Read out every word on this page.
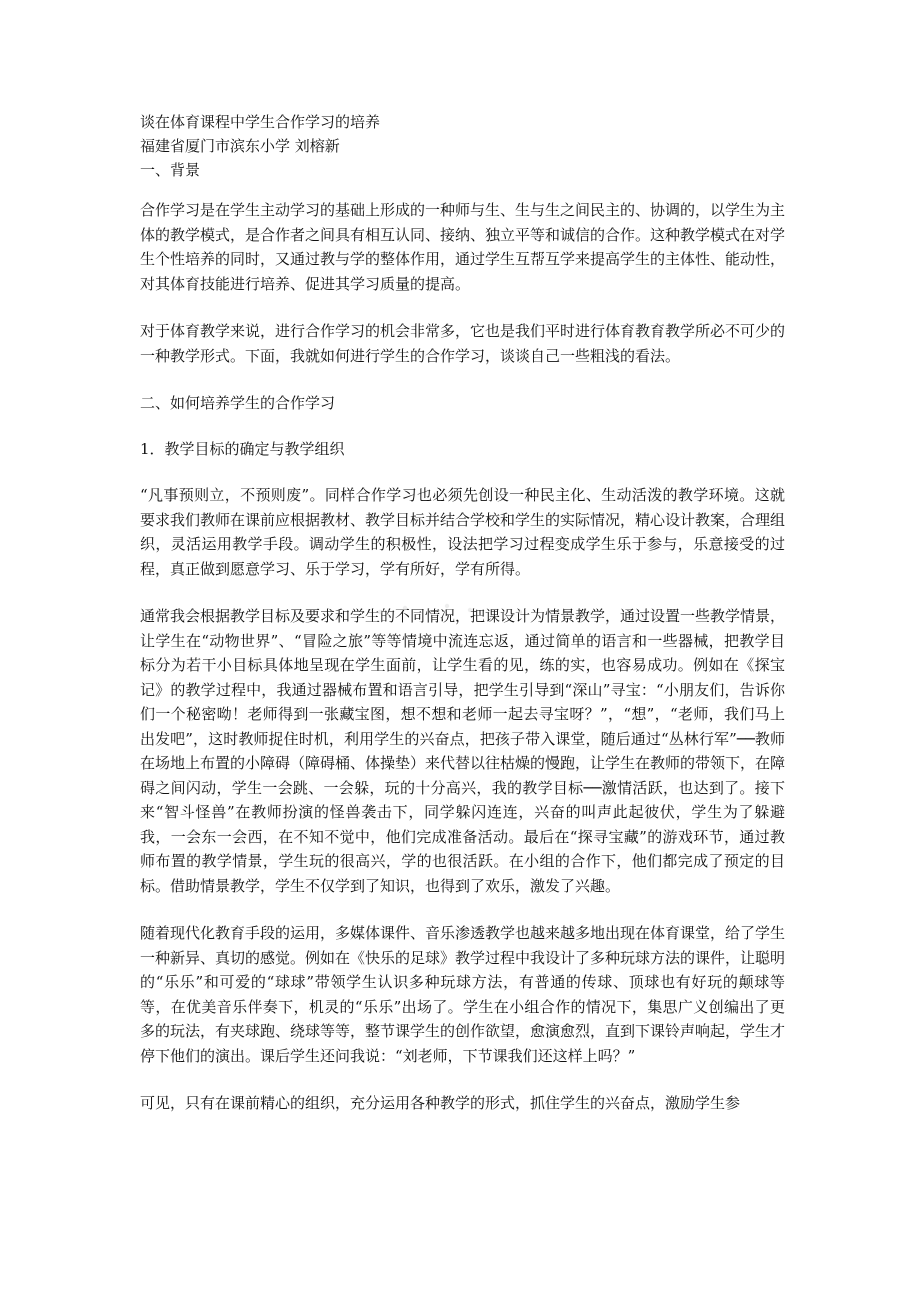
谈在体育课程中学生合作学习的培养

福建省厦门市滨东小学 刘榕新

一、背景

合作学习是在学生主动学习的基础上形成的一种师与生、生与生之间民主的、协调的，以学生为主体的教学模式，是合作者之间具有相互认同、接纳、独立平等和诚信的合作。这种教学模式在对学生个性培养的同时，又通过教与学的整体作用，通过学生互帮互学来提高学生的主体性、能动性，对其体育技能进行培养、促进其学习质量的提高。

对于体育教学来说，进行合作学习的机会非常多，它也是我们平时进行体育教育教学所必不可少的一种教学形式。下面，我就如何进行学生的合作学习，谈谈自己一些粗浅的看法。

二、如何培养学生的合作学习

1．教学目标的确定与教学组织

“凡事预则立，不预则废”。同样合作学习也必须先创设一种民主化、生动活泼的教学环境。这就要求我们教师在课前应根据教材、教学目标并结合学校和学生的实际情况，精心设计教案，合理组织，灵活运用教学手段。调动学生的积极性，设法把学习过程变成学生乐于参与，乐意接受的过程，真正做到愿意学习、乐于学习，学有所好，学有所得。

通常我会根据教学目标及要求和学生的不同情况，把课设计为情景教学，通过设置一些教学情景，让学生在“动物世界”、“冒险之旅”等等情境中流连忘返，通过简单的语言和一些器械，把教学目标分为若干小目标具体地呈现在学生面前，让学生看的见，练的实，也容易成功。例如在《探宝记》的教学过程中，我通过器械布置和语言引导，把学生引导到“深山”寻宝：“小朋友们，告诉你们一个秘密呦！老师得到一张藏宝图，想不想和老师一起去寻宝呀？”，“想”，“老师，我们马上出发吧”，这时教师捉住时机，利用学生的兴奋点，把孩子带入课堂，随后通过“丛林行军”──教师在场地上布置的小障碍（障碍桶、体操垫）来代替以往枯燥的慢跑，让学生在教师的带领下，在障碍之间闪动，学生一会跳、一会躲，玩的十分高兴，我的教学目标──激情活跃，也达到了。接下来“智斗怪兽”在教师扮演的怪兽袭击下，同学躲闪连连，兴奋的叫声此起彼伏，学生为了躲避我，一会东一会西，在不知不觉中，他们完成准备活动。最后在“探寻宝藏”的游戏环节，通过教师布置的教学情景，学生玩的很高兴，学的也很活跃。在小组的合作下，他们都完成了预定的目标。借助情景教学，学生不仅学到了知识，也得到了欢乐，激发了兴趣。

随着现代化教育手段的运用，多媒体课件、音乐渗透教学也越来越多地出现在体育课堂，给了学生一种新异、真切的感觉。例如在《快乐的足球》教学过程中我设计了多种玩球方法的课件，让聪明的“乐乐”和可爱的“球球”带领学生认识多种玩球方法，有普通的传球、顶球也有好玩的颠球等等，在优美音乐伴奏下，机灵的“乐乐”出场了。学生在小组合作的情况下，集思广义创编出了更多的玩法，有夹球跑、绕球等等，整节课学生的创作欲望，愈演愈烈，直到下课铃声响起，学生才停下他们的演出。课后学生还问我说：“刘老师，下节课我们还这样上吗？”

可见，只有在课前精心的组织，充分运用各种教学的形式，抓住学生的兴奋点，激励学生参
